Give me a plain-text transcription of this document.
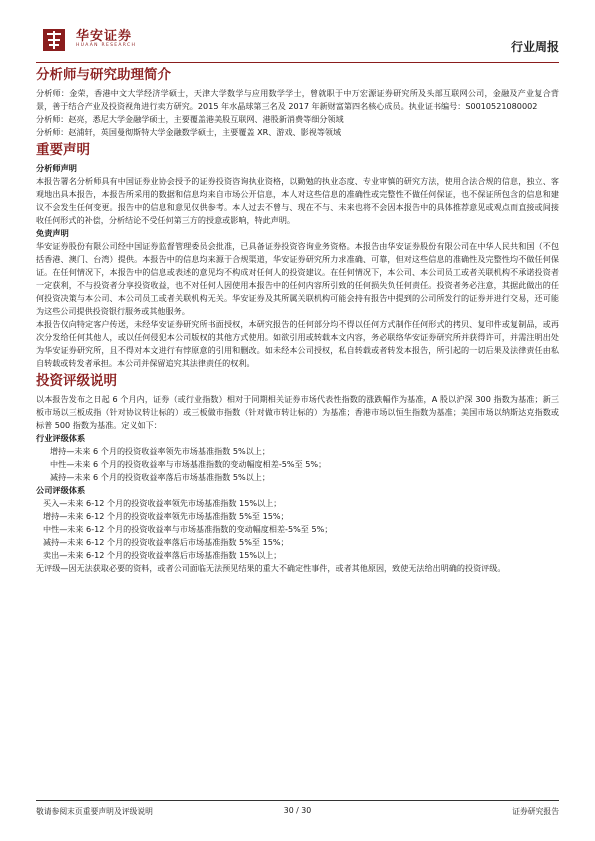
华安证券
HUAAN RESEARCH	行业周报
分析师与研究助理简介

分析师：金荣，香港中文大学经济学硕士，天津大学数学与应用数学学士，曾就职于中万宏源证券研究所及头部互联网公司，金融及产业复合背景，善于结合产业及投资视角进行卖方研究。2015 年水晶球第三名及 2017 年新财富第四名核心成员。执业证书编号：S0010521080002

分析师：赵亮，悉尼大学金融学硕士，主要覆盖港美股互联网、港股新消费等细分领域

分析师：赵浦轩，英国曼彻斯特大学金融数学硕士，主要覆盖 XR、游戏、影视等领域

重要声明
分析师声明

本报告署名分析师具有中国证券业协会授予的证券投资咨询执业资格，以勤勉的执业态度、专业审慎的研究方法，使用合法合规的信息，独立、客观地出具本报告，本报告所采用的数据和信息均来自市场公开信息，本人对这些信息的准确性或完整性不做任何保证，也不保证所包含的信息和建议不会发生任何变更。报告中的信息和意见仅供参考。本人过去不曾与、现在不与、未来也将不会因本报告中的具体推荐意见或观点而直接或间接收任何形式的补偿，分析结论不受任何第三方的授意或影响，特此声明。

免责声明

华安证券股份有限公司经中国证券监督管理委员会批准，已具备证券投资咨询业务资格。本报告由华安证券股份有限公司在中华人民共和国（不包括香港、澳门、台湾）提供。本报告中的信息均来源于合规渠道，华安证券研究所力求准确、可靠，但对这些信息的准确性及完整性均不做任何保证。在任何情况下，本报告中的信息或表述的意见均不构成对任何人的投资建议。在任何情况下，本公司、本公司员工或者关联机构不承诺投资者一定获利，不与投资者分享投资收益，也不对任何人因使用本报告中的任何内容所引致的任何损失负任何责任。投资者务必注意，其据此做出的任何投资决策与本公司、本公司员工或者关联机构无关。华安证券及其所属关联机构可能会持有报告中提到的公司所发行的证券并进行交易，还可能为这些公司提供投资银行服务或其他服务。

本报告仅向特定客户传送，未经华安证券研究所书面授权，本研究报告的任何部分均不得以任何方式制作任何形式的拷贝、复印件或复制品，或再次分发给任何其他人，或以任何侵犯本公司版权的其他方式使用。如欲引用或转载本文内容，务必联络华安证券研究所并获得许可，并需注明出处为华安证券研究所，且不得对本文进行有悖原意的引用和删改。如未经本公司授权，私自转载或者转发本报告，所引起的一切后果及法律责任由私自转载或转发者承担。本公司并保留追究其法律责任的权利。

投资评级说明

以本报告发布之日起 6 个月内，证券（或行业指数）相对于同期相关证券市场代表性指数的涨跌幅作为基准，A 股以沪深 300 指数为基准；新三板市场以三板成指（针对协议转让标的）或三板做市指数（针对做市转让标的）为基准；香港市场以恒生指数为基准；美国市场以纳斯达克指数或标普 500 指数为基准。定义如下：

行业评级体系

增持—未来 6 个月的投资收益率领先市场基准指数 5%以上；

中性—未来 6 个月的投资收益率与市场基准指数的变动幅度相差-5%至 5%；

减持—未来 6 个月的投资收益率落后市场基准指数 5%以上；

公司评级体系

买入—未来 6-12 个月的投资收益率领先市场基准指数 15%以上；

增持—未来 6-12 个月的投资收益率领先市场基准指数 5%至 15%；

中性—未来 6-12 个月的投资收益率与市场基准指数的变动幅度相差-5%至 5%；

减持—未来 6-12 个月的投资收益率落后市场基准指数 5%至 15%；

卖出—未来 6-12 个月的投资收益率落后市场基准指数 15%以上；

无评级—因无法获取必要的资料，或者公司面临无法预见结果的重大不确定性事件，或者其他原因，致使无法给出明确的投资评级。

敬请参阅末页重要声明及评级说明	30 / 30	证券研究报告
